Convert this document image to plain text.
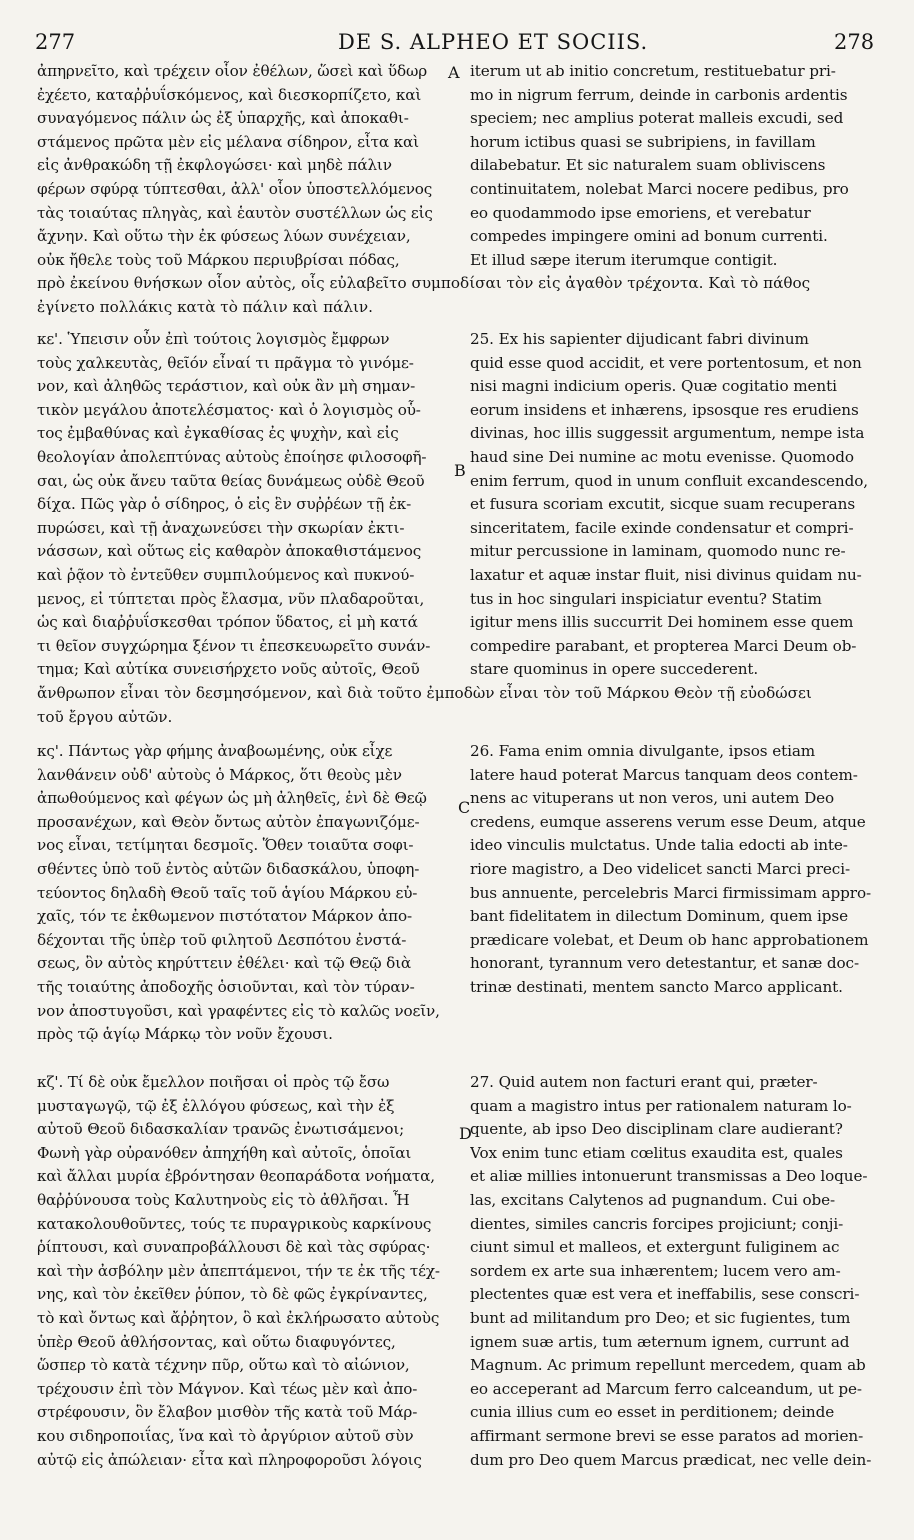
277	DE S. ALPHEO ET SOCIIS.	278
A
B
C
D
ἀπηρνεῖτο, καὶ τρέχειν οἷον ἐθέλων, ὥσεὶ καὶ ὕδωρ
ἐχέετο, καταῤῥυΐσκόμενος, καὶ διεσκορπίζετο, καὶ
συναγόμενος πάλιν ὡς ἐξ ὑπαρχῆς, καὶ ἀποκαθι-
στάμενος πρῶτα μὲν εἰς μέλανα σίδηρον, εἶτα καὶ
εἰς ἀνθρακώδη τῇ ἐκφλογώσει· καὶ μηδὲ πάλιν
φέρων σφύρᾳ τύπτεσθαι, ἀλλ' οἷον ὑποστελλόμενος
τὰς τοιαύτας πληγὰς, καὶ ἑαυτὸν συστέλλων ὡς εἰς
ἄχνην. Καὶ οὕτω τὴν ἐκ φύσεως λύων συνέχειαν,
οὐκ ἤθελε τοὺς τοῦ Μάρκου περιυβρίσαι πόδας,
iterum ut ab initio concretum, restituebatur pri-
mo in nigrum ferrum, deinde in carbonis ardentis
speciem; nec amplius poterat malleis excudi, sed
horum ictibus quasi se subripiens, in favillam
dilabebatur. Et sic naturalem suam obliviscens
continuitatem, nolebat Marci nocere pedibus, pro
eo quodammodo ipse emoriens, et verebatur
compedes impingere omini ad bonum currenti.
Et illud sæpe iterum iterumque contigit.
πρὸ ἐκείνου θνήσκων οἷον αὐτὸς, οἷς εὐλαβεῖτο συμποδίσαι τὸν εἰς ἀγαθὸν τρέχοντα. Καὶ τὸ πάθος
ἐγίνετο πολλάκις κατὰ τὸ πάλιν καὶ πάλιν.
κε'. Ὑπεισιν οὖν ἐπὶ τούτοις λογισμὸς ἔμφρων
τοὺς χαλκευτὰς, θεῖόν εἶναί τι πρᾶγμα τὸ γινόμε-
νον, καὶ ἀληθῶς τεράστιον, καὶ οὐκ ἂν μὴ σημαν-
τικὸν μεγάλου ἀποτελέσματος· καὶ ὁ λογισμὸς οὗ-
τος ἐμβαθύνας καὶ ἐγκαθίσας ἐς ψυχὴν, καὶ εἰς
θεολογίαν ἀπολεπτύνας αὐτοὺς ἐποίησε φιλοσοφῆ-
σαι, ὡς οὐκ ἄνευ ταῦτα θείας δυνάμεως οὐδὲ Θεοῦ
δίχα. Πῶς γὰρ ὁ σίδηρος, ὁ εἰς ἓν συῤῥέων τῇ ἐκ-
πυρώσει, καὶ τῇ ἀναχωνεύσει τὴν σκωρίαν ἐκτι-
νάσσων, καὶ οὕτως εἰς καθαρὸν ἀποκαθιστάμενος
καὶ ῥᾷον τὸ ἐντεῦθεν συμπιλούμενος καὶ πυκνού-
μενος, εἰ τύπτεται πρὸς ἔλασμα, νῦν πλαδαροῦται,
ὡς καὶ διαῤῥυΐσκεσθαι τρόπον ὕδατος, εἰ μὴ κατά
τι θεῖον συγχώρημα ξένον τι ἐπεσκευωρεῖτο συνάν-
τημα; Καὶ αὐτίκα συνεισήρχετο νοῦς αὐτοῖς, Θεοῦ
25. Ex his sapienter dijudicant fabri divinum
quid esse quod accidit, et vere portentosum, et non
nisi magni indicium operis. Quæ cogitatio menti
eorum insidens et inhærens, ipsosque res erudiens
divinas, hoc illis suggessit argumentum, nempe ista
haud sine Dei numine ac motu evenisse. Quomodo
enim ferrum, quod in unum confluit excandescendo,
et fusura scoriam excutit, sicque suam recuperans
sinceritatem, facile exinde condensatur et compri-
mitur percussione in laminam, quomodo nunc re-
laxatur et aquæ instar fluit, nisi divinus quidam nu-
tus in hoc singulari inspiciatur eventu? Statim
igitur mens illis succurrit Dei hominem esse quem
compedire parabant, et propterea Marci Deum ob-
stare quominus in opere succederent.
ἄνθρωπον εἶναι τὸν δεσμησόμενον, καὶ διὰ τοῦτο ἐμποδὼν εἶναι τὸν τοῦ Μάρκου Θεὸν τῇ εὐοδώσει
τοῦ ἔργου αὐτῶν.
κς'. Πάντως γὰρ φήμης ἀναβοωμένης, οὐκ εἶχε
λανθάνειν οὐδ' αὐτοὺς ὁ Μάρκος, ὅτι θεοὺς μὲν
ἀπωθούμενος καὶ φέγων ὡς μὴ ἀληθεῖς, ἑνὶ δὲ Θεῷ
προσανέχων, καὶ Θεὸν ὄντως αὐτὸν ἐπαγωνιζόμε-
νος εἶναι, τετίμηται δεσμοῖς. Ὅθεν τοιαῦτα σοφι-
σθέντες ὑπὸ τοῦ ἐντὸς αὐτῶν διδασκάλου, ὑποφη-
τεύοντος δηλαδὴ Θεοῦ ταῖς τοῦ ἁγίου Μάρκου εὐ-
χαῖς, τόν τε ἐκθωμενον πιστότατον Μάρκον ἀπο-
δέχονται τῆς ὑπὲρ τοῦ φιλητοῦ Δεσπότου ἐνστά-
σεως, ὃν αὐτὸς κηρύττειν ἐθέλει· καὶ τῷ Θεῷ διὰ
τῆς τοιαύτης ἀποδοχῆς ὁσιοῦνται, καὶ τὸν τύραν-
νον ἀποστυγοῦσι, καὶ γραφέντες εἰς τὸ καλῶς νοεῖν,
πρὸς τῷ ἁγίῳ Μάρκῳ τὸν νοῦν ἔχουσι.
26. Fama enim omnia divulgante, ipsos etiam
latere haud poterat Marcus tanquam deos contem-
nens ac vituperans ut non veros, uni autem Deo
credens, eumque asserens verum esse Deum, atque
ideo vinculis mulctatus. Unde talia edocti ab inte-
riore magistro, a Deo videlicet sancti Marci preci-
bus annuente, percelebris Marci firmissimam appro-
bant fidelitatem in dilectum Dominum, quem ipse
prædicare volebat, et Deum ob hanc approbationem
honorant, tyrannum vero detestantur, et sanæ doc-
trinæ destinati, mentem sancto Marco applicant.
κζ'. Τί δὲ οὐκ ἔμελλον ποιῆσαι οἱ πρὸς τῷ ἔσω
μυσταγωγῷ, τῷ ἐξ ἐλλόγου φύσεως, καὶ τὴν ἐξ
αὐτοῦ Θεοῦ διδασκαλίαν τρανῶς ἐνωτισάμενοι;
Φωνὴ γὰρ οὐρανόθεν ἀπηχήθη καὶ αὐτοῖς, ὁποῖαι
καὶ ἄλλαι μυρία ἐβρόντησαν θεοπαράδοτα νοήματα,
θαῤῥύνουσα τοὺς Καλυτηνοὺς εἰς τὸ ἀθλῆσαι. Ἧ
κατακολουθοῦντες, τούς τε πυραγρικοὺς καρκίνους
ῥίπτουσι, καὶ συναπροβάλλουσι δὲ καὶ τὰς σφύρας·
καὶ τὴν ἀσβόλην μὲν ἀπεπτάμενοι, τήν τε ἐκ τῆς τέχ-
νης, καὶ τὸν ἐκεῖθεν ῥύπον, τὸ δὲ φῶς ἐγκρίναντες,
τὸ καὶ ὄντως καὶ ἄῤῥητον, ὃ καὶ ἐκλήρωσατο αὐτοὺς
ὑπὲρ Θεοῦ ἀθλήσοντας, καὶ οὕτω διαφυγόντες,
ὥσπερ τὸ κατὰ τέχνην πῦρ, οὕτω καὶ τὸ αἰώνιον,
τρέχουσιν ἐπὶ τὸν Μάγνον. Καὶ τέως μὲν καὶ ἀπο-
στρέφουσιν, ὃν ἔλαβον μισθὸν τῆς κατὰ τοῦ Μάρ-
κου σιδηροποιΐας, ἵνα καὶ τὸ ἀργύριον αὐτοῦ σὺν
αὐτῷ εἰς ἀπώλειαν· εἶτα καὶ πληροφοροῦσι λόγοις
27. Quid autem non facturi erant qui, præter-
quam a magistro intus per rationalem naturam lo-
quente, ab ipso Deo disciplinam clare audierant?
Vox enim tunc etiam cœlitus exaudita est, quales
et aliæ millies intonuerunt transmissas a Deo loque-
las, excitans Calytenos ad pugnandum. Cui obe-
dientes, similes cancris forcipes projiciunt; conji-
ciunt simul et malleos, et extergunt fuliginem ac
sordem ex arte sua inhærentem; lucem vero am-
plectentes quæ est vera et ineffabilis, sese conscri-
bunt ad militandum pro Deo; et sic fugientes, tum
ignem suæ artis, tum æternum ignem, currunt ad
Magnum. Ac primum repellunt mercedem, quam ab
eo acceperant ad Marcum ferro calceandum, ut pe-
cunia illius cum eo esset in perditionem; deinde
affirmant sermone brevi se esse paratos ad morien-
dum pro Deo quem Marcus prædicat, nec velle dein-
